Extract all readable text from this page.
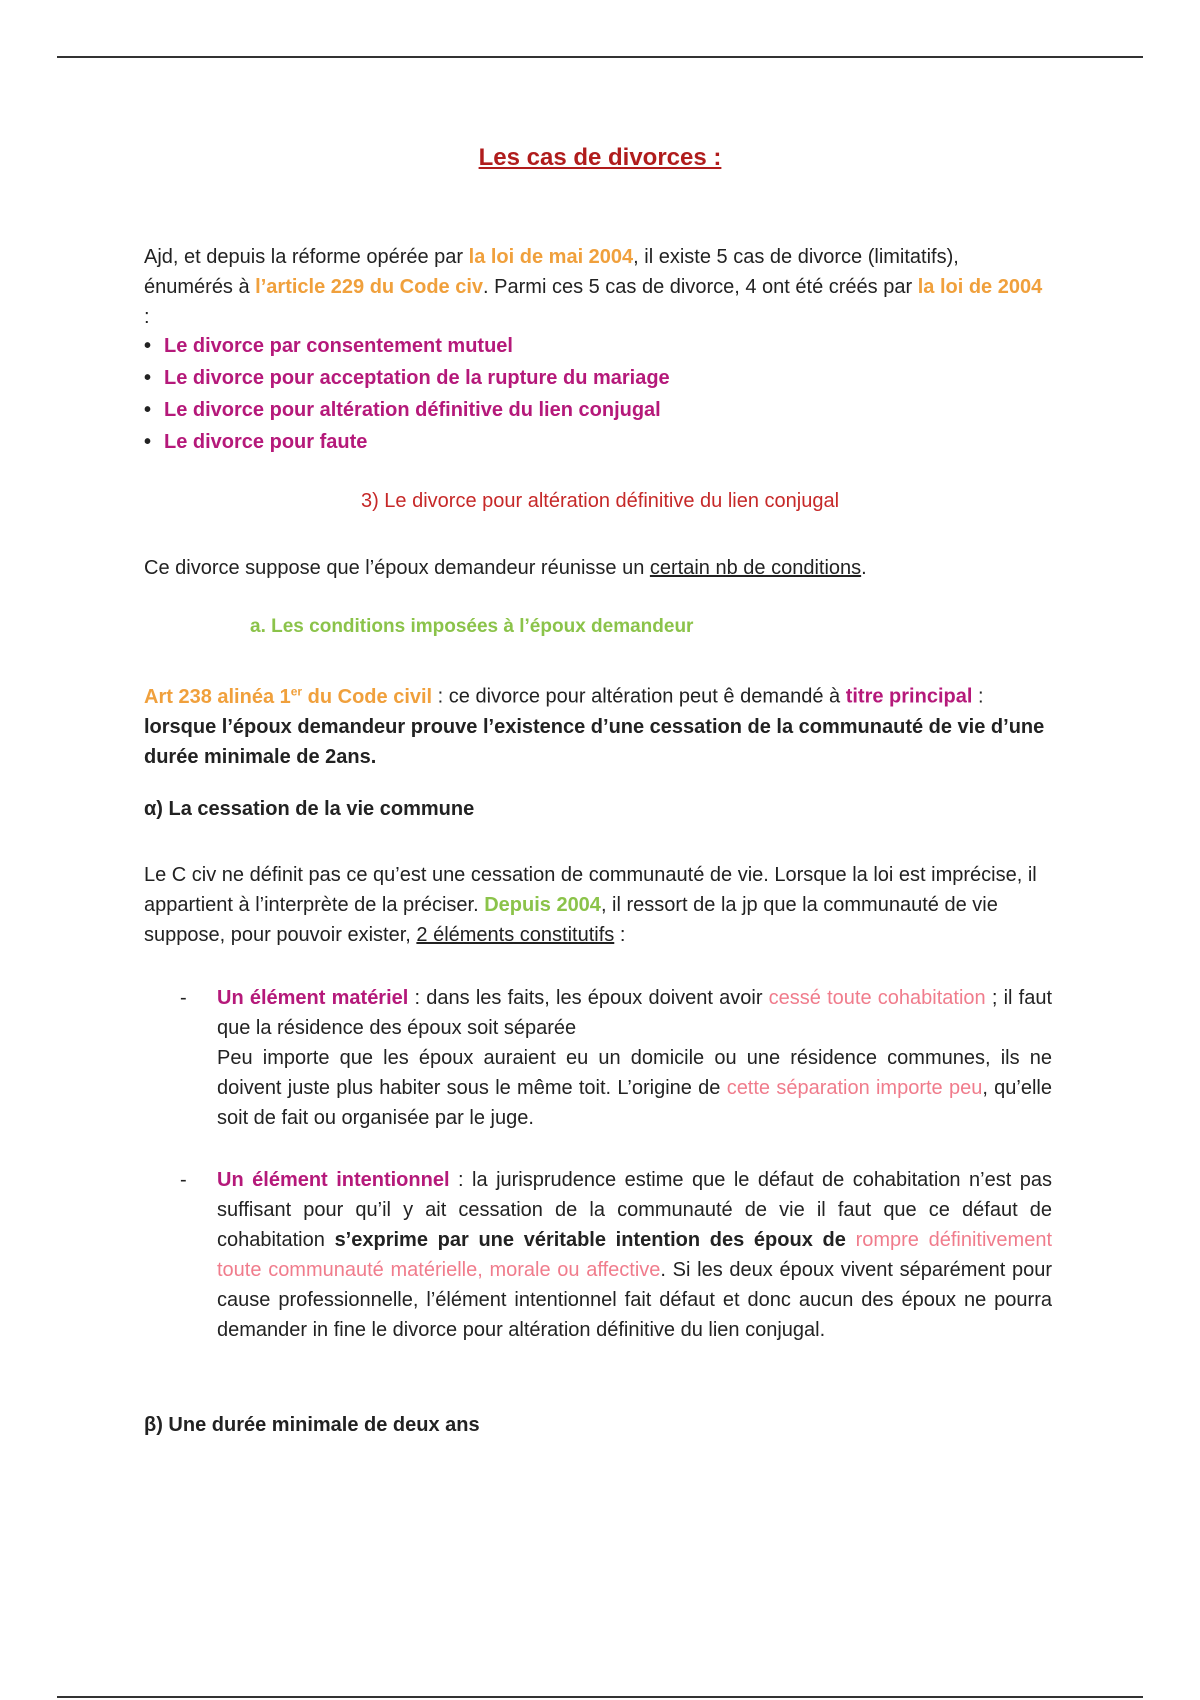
Les cas de divorces :
Ajd, et depuis la réforme opérée par la loi de mai 2004, il existe 5 cas de divorce (limitatifs), énumérés à l’article 229 du Code civ. Parmi ces 5 cas de divorce, 4 ont été créés par la loi de 2004 :
• Le divorce par consentement mutuel
• Le divorce pour acceptation de la rupture du mariage
• Le divorce pour altération définitive du lien conjugal
• Le divorce pour faute
3) Le divorce pour altération définitive du lien conjugal
Ce divorce suppose que l’époux demandeur réunisse un certain nb de conditions.
a. Les conditions imposées à l’époux demandeur
Art 238 alinéa 1er du Code civil : ce divorce pour altération peut ê demandé à titre principal : lorsque l’époux demandeur prouve l’existence d’une cessation de la communauté de vie d’une durée minimale de 2ans.
α) La cessation de la vie commune
Le C civ ne définit pas ce qu’est une cessation de communauté de vie. Lorsque la loi est imprécise, il appartient à l’interprète de la préciser. Depuis 2004, il ressort de la jp que la communauté de vie suppose, pour pouvoir exister, 2 éléments constitutifs :
- Un élément matériel : dans les faits, les époux doivent avoir cessé toute cohabitation ; il faut que la résidence des époux soit séparée
Peu importe que les époux auraient eu un domicile ou une résidence communes, ils ne doivent juste plus habiter sous le même toit. L’origine de cette séparation importe peu, qu’elle soit de fait ou organisée par le juge.
- Un élément intentionnel : la jurisprudence estime que le défaut de cohabitation n’est pas suffisant pour qu’il y ait cessation de la communauté de vie il faut que ce défaut de cohabitation s’exprime par une véritable intention des époux de rompre définitivement toute communauté matérielle, morale ou affective. Si les deux époux vivent séparément pour cause professionnelle, l’élément intentionnel fait défaut et donc aucun des époux ne pourra demander in fine le divorce pour altération définitive du lien conjugal.
β) Une durée minimale de deux ans
